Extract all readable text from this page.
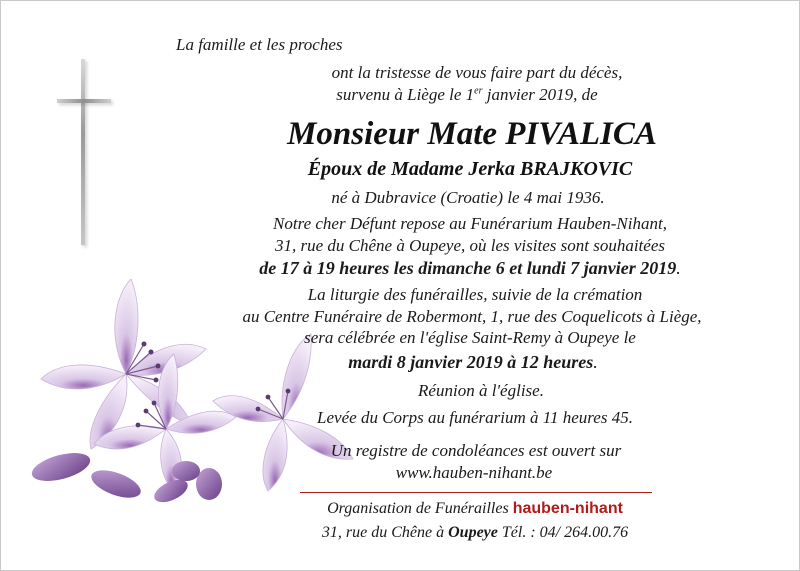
La famille et les proches
ont la tristesse de vous faire part du décès,
survenu à Liège le 1er janvier 2019, de
Monsieur Mate PIVALICA
Époux de Madame Jerka BRAJKOVIC
né à Dubravice (Croatie) le 4 mai 1936.
Notre cher Défunt repose au Funérarium Hauben-Nihant,
31, rue du Chêne à Oupeye, où les visites sont souhaitées
de 17 à 19 heures les dimanche 6 et lundi 7 janvier 2019.
La liturgie des funérailles, suivie de la crémation
au Centre Funéraire de Robermont, 1, rue des Coquelicots à Liège,
sera célébrée en l'église Saint-Remy à Oupeye le
mardi 8 janvier 2019 à 12 heures.
Réunion à l'église.
Levée du Corps au funérarium à 11 heures 45.
Un registre de condoléances est ouvert sur
www.hauben-nihant.be
Organisation de Funérailles hauben-nihant
31, rue du Chêne à Oupeye Tél. : 04/ 264.00.76
